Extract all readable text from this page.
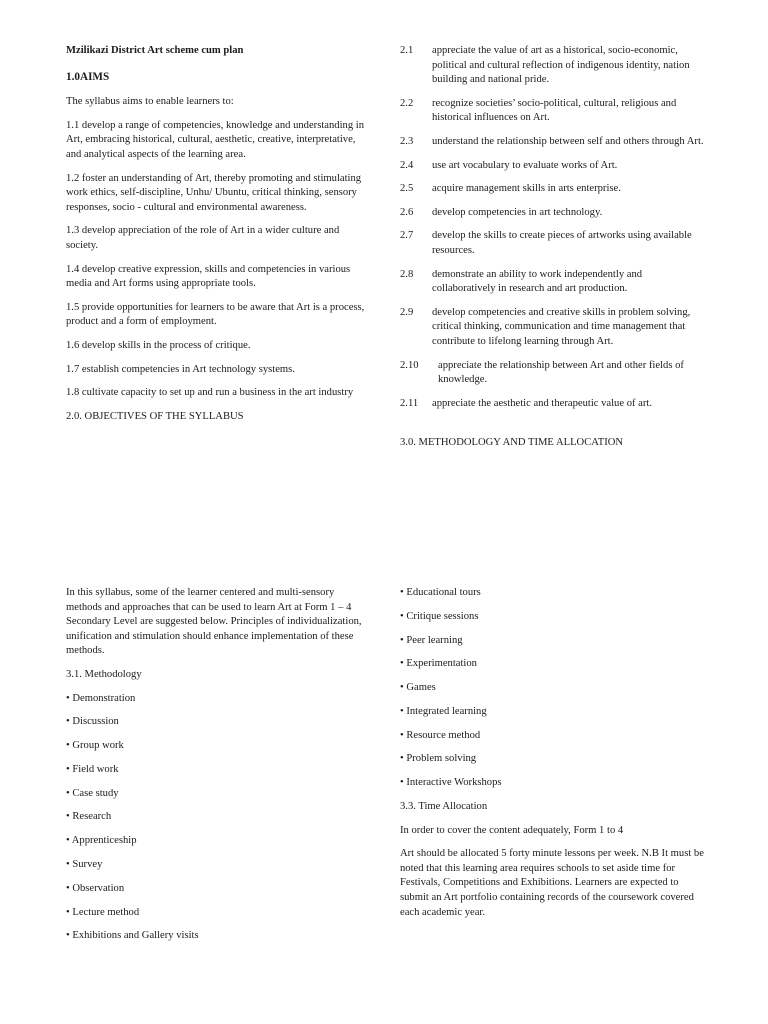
Mzilikazi District Art scheme cum plan

1.0AIMS

The syllabus aims to enable learners to:

1.1 develop a range of competencies, knowledge and understanding in Art, embracing historical, cultural, aesthetic, creative, interpretative, and analytical aspects of the learning area.

1.2 foster an understanding of Art, thereby promoting and stimulating work ethics, self-discipline, Unhu/ Ubuntu, critical thinking, sensory responses, socio - cultural and environmental awareness.

1.3 develop appreciation of the role of Art in a wider culture and society.

1.4 develop creative expression, skills and competencies in various media and Art forms using appropriate tools.

1.5 provide opportunities for learners to be aware that Art is a process, product and a form of employment.

1.6 develop skills in the process of critique.

1.7 establish competencies in Art technology systems.

1.8 cultivate capacity to set up and run a business in the art industry

2.0. OBJECTIVES OF THE SYLLABUS

2.1	appreciate the value of art as a historical, socio-economic, political and cultural reflection of indigenous identity, nation building and national pride.
2.2	recognize societies’ socio-political, cultural, religious and historical influences on Art.
2.3	understand the relationship between self and others through Art.
2.4	use art vocabulary to evaluate works of Art.
2.5	acquire management skills in arts enterprise.
2.6	develop competencies in art technology.
2.7	develop the skills to create pieces of artworks using available resources.
2.8	demonstrate an ability to work independently and collaboratively in research and art production.
2.9	develop competencies and creative skills in problem solving, critical thinking, communication and time management that contribute to lifelong learning through Art.
2.10	appreciate the relationship between Art and other fields of knowledge.
2.11	appreciate the aesthetic and therapeutic value of art.

3.0. METHODOLOGY AND TIME ALLOCATION

In this syllabus, some of the learner centered and multi-sensory methods and approaches that can be used to learn Art at Form 1 – 4 Secondary Level are suggested below. Principles of individualization, unification and stimulation should enhance implementation of these methods.

3.1. Methodology

• Demonstration

• Discussion

• Group work

• Field work

• Case study

• Research

• Apprenticeship

• Survey

• Observation

• Lecture method

• Exhibitions and Gallery visits

• Educational tours

• Critique sessions

• Peer learning

• Experimentation

• Games

• Integrated learning

• Resource method

• Problem solving

• Interactive Workshops

3.3. Time Allocation

In order to cover the content adequately, Form 1 to 4

Art should be allocated 5 forty minute lessons per week. N.B It must be noted that this learning area requires schools to set aside time for Festivals, Competitions and Exhibitions. Learners are expected to submit an Art portfolio containing records of the coursework covered each academic year.
